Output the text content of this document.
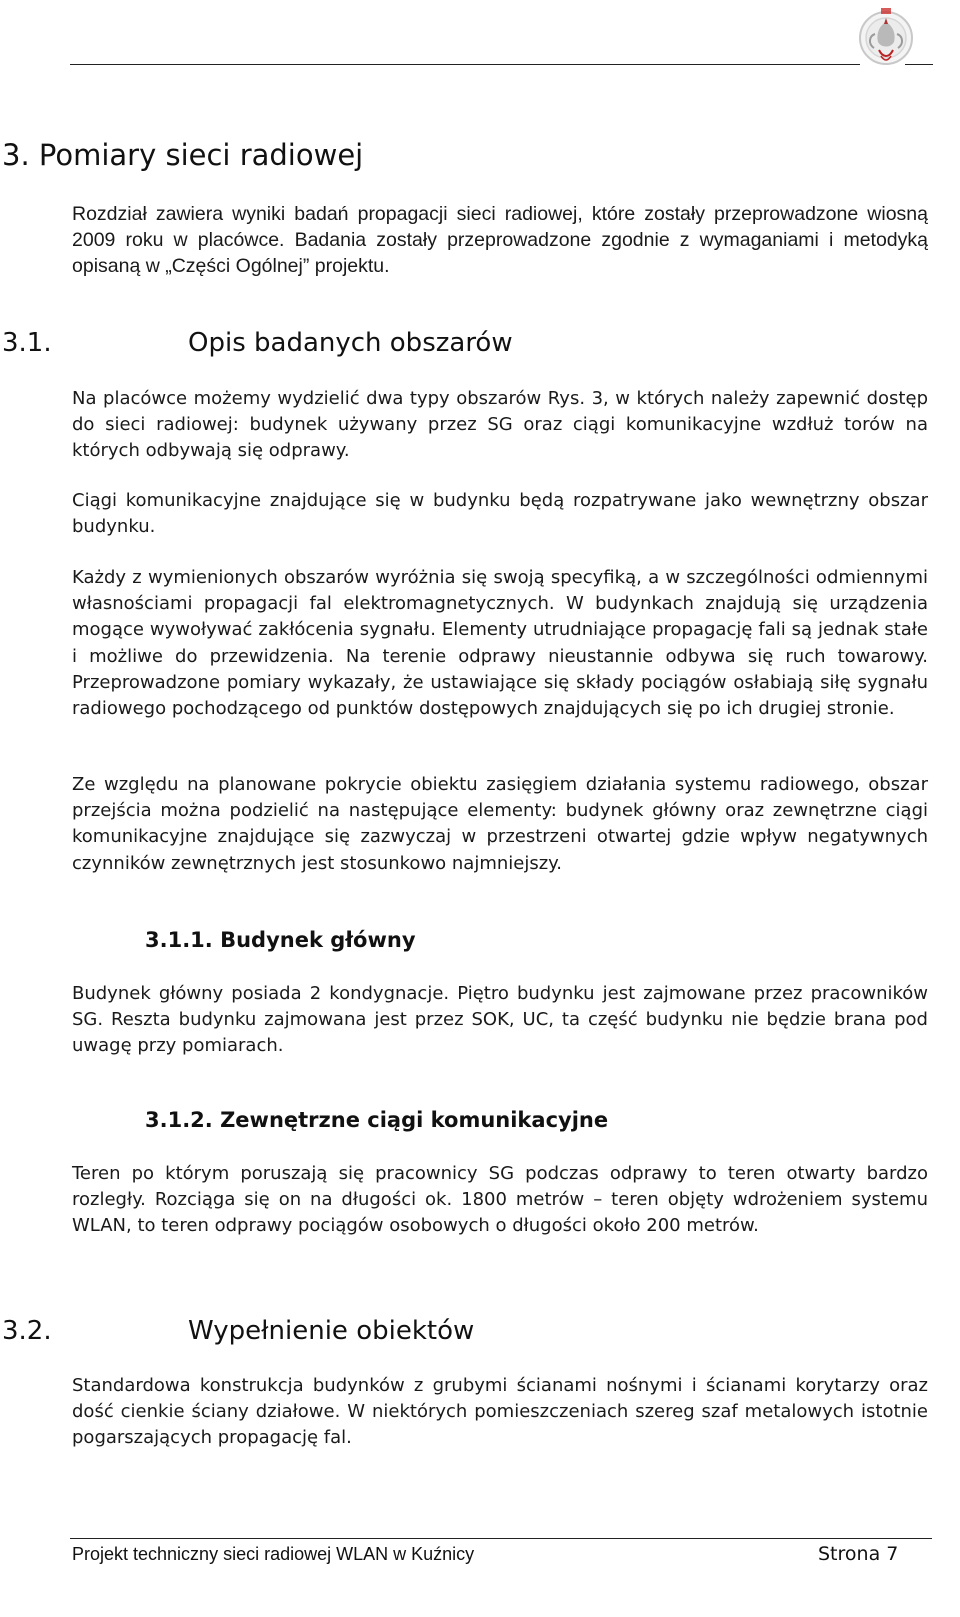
3. Pomiary sieci radiowej

Rozdział zawiera wyniki badań propagacji sieci radiowej, które zostały przeprowadzone wiosną 2009 roku w placówce. Badania zostały przeprowadzone zgodnie z wymaganiami i metodyką opisaną w „Części Ogólnej” projektu.

3.1.	Opis badanych obszarów

Na placówce możemy wydzielić dwa typy obszarów Rys. 3, w których należy zapewnić dostęp do sieci radiowej: budynek używany przez SG oraz ciągi komunikacyjne wzdłuż torów na których odbywają się odprawy.

Ciągi komunikacyjne znajdujące się w budynku będą rozpatrywane jako wewnętrzny obszar budynku.

Każdy z wymienionych obszarów wyróżnia się swoją specyfiką, a w szczególności odmiennymi własnościami propagacji fal elektromagnetycznych. W budynkach znajdują się urządzenia mogące wywoływać zakłócenia sygnału. Elementy utrudniające propagację fali są jednak stałe i możliwe do przewidzenia. Na terenie odprawy nieustannie odbywa się ruch towarowy. Przeprowadzone pomiary wykazały, że ustawiające się składy pociągów osłabiają siłę sygnału radiowego pochodzącego od punktów dostępowych znajdujących się po ich drugiej stronie.

Ze względu na planowane pokrycie obiektu zasięgiem działania systemu radiowego, obszar przejścia można podzielić na następujące elementy: budynek główny oraz zewnętrzne ciągi komunikacyjne znajdujące się zazwyczaj w przestrzeni otwartej gdzie wpływ negatywnych czynników zewnętrznych jest stosunkowo najmniejszy.

3.1.1. Budynek główny

Budynek główny posiada 2 kondygnacje. Piętro budynku jest zajmowane przez pracowników SG. Reszta budynku zajmowana jest przez SOK, UC, ta część budynku nie będzie brana pod uwagę przy pomiarach.

3.1.2. Zewnętrzne ciągi komunikacyjne

Teren po którym poruszają się pracownicy SG podczas odprawy to teren otwarty bardzo rozległy. Rozciąga się on na długości ok. 1800 metrów – teren objęty wdrożeniem systemu WLAN, to teren odprawy pociągów osobowych o długości około 200 metrów.

3.2.	Wypełnienie obiektów

Standardowa konstrukcja budynków z grubymi ścianami nośnymi i ścianami korytarzy oraz dość cienkie ściany działowe. W niektórych pomieszczeniach szereg szaf metalowych istotnie pogarszających propagację fal.

Projekt techniczny sieci radiowej WLAN w Kuźnicy	Strona 7
